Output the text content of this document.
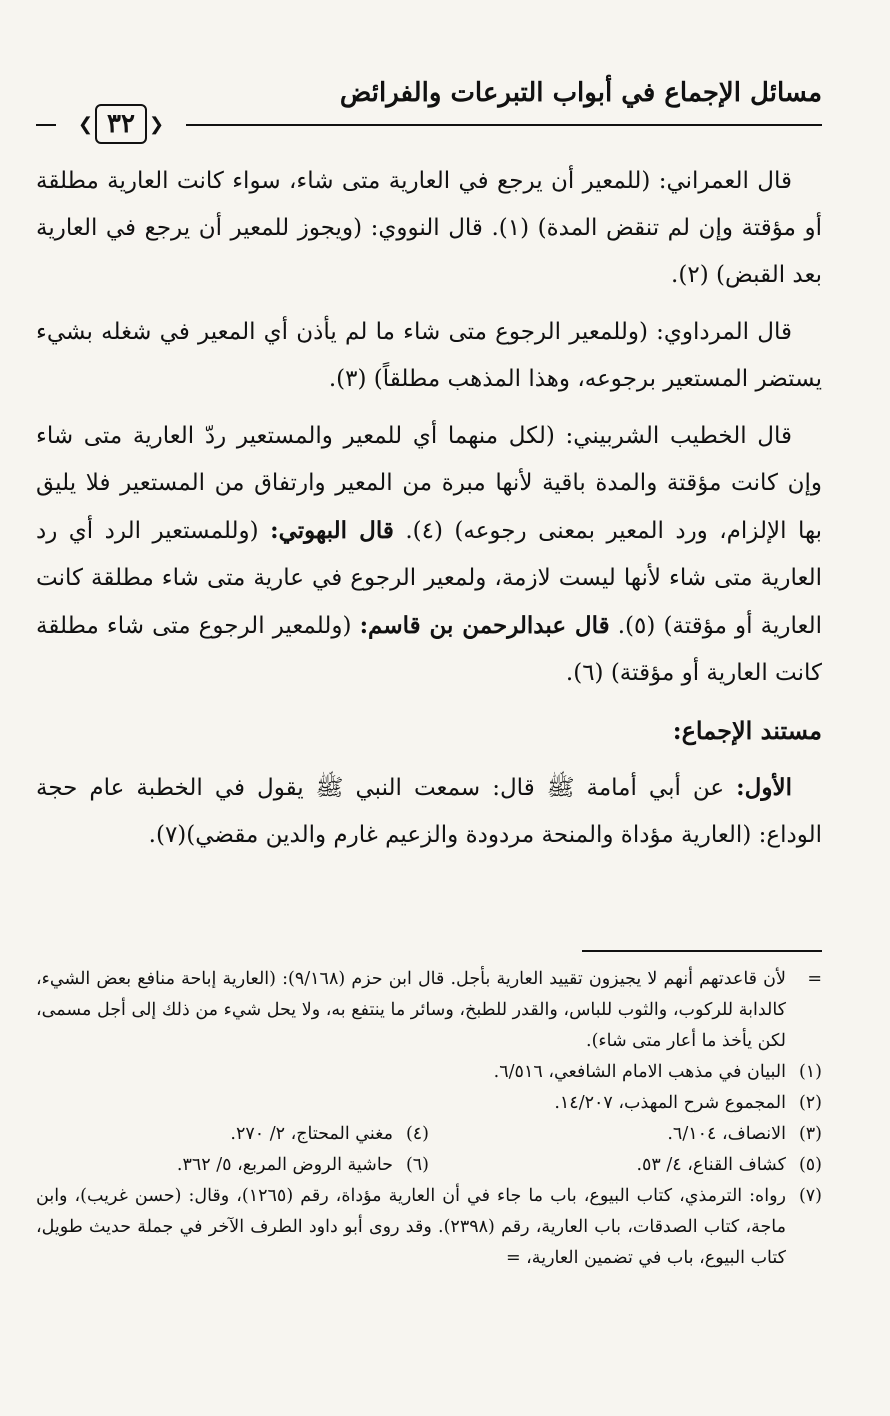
مسائل الإجماع في أبواب التبرعات والفرائض
❮
٣٢
❯

قال العمراني: (للمعير أن يرجع في العارية متى شاء، سواء كانت العارية مطلقة أو مؤقتة وإن لم تنقض المدة) (١). قال النووي: (ويجوز للمعير أن يرجع في العارية بعد القبض) (٢).

قال المرداوي: (وللمعير الرجوع متى شاء ما لم يأذن أي المعير في شغله بشيء يستضر المستعير برجوعه، وهذا المذهب مطلقاً) (٣).

قال الخطيب الشربيني: (لكل منهما أي للمعير والمستعير ردّ العارية متى شاء وإن كانت مؤقتة والمدة باقية لأنها مبرة من المعير وارتفاق من المستعير فلا يليق بها الإلزام، ورد المعير بمعنى رجوعه) (٤). قال البهوتي: (وللمستعير الرد أي رد العارية متى شاء لأنها ليست لازمة، ولمعير الرجوع في عارية متى شاء مطلقة كانت العارية أو مؤقتة) (٥). قال عبدالرحمن بن قاسم: (وللمعير الرجوع متى شاء مطلقة كانت العارية أو مؤقتة) (٦).

مستند الإجماع:

الأول: عن أبي أمامة ﷺ قال: سمعت النبي ﷺ يقول في الخطبة عام حجة الوداع: (العارية مؤداة والمنحة مردودة والزعيم غارم والدين مقضي)(٧).

=
لأن قاعدتهم أنهم لا يجيزون تقييد العارية بأجل. قال ابن حزم (٩/١٦٨): (العارية إباحة منافع بعض الشيء، كالدابة للركوب، والثوب للباس، والقدر للطبخ، وسائر ما ينتفع به، ولا يحل شيء من ذلك إلى أجل مسمى، لكن يأخذ ما أعار متى شاء).
(١)
البيان في مذهب الامام الشافعي، ٦/٥١٦.
(٢)
المجموع شرح المهذب، ١٤/٢٠٧.
(٣)
الانصاف، ٦/١٠٤.
(٤)
مغني المحتاج، ٢/ ٢٧٠.
(٥)
كشاف القناع، ٤/ ٥٣.
(٦)
حاشية الروض المربع، ٥/ ٣٦٢.
(٧)
رواه: الترمذي، كتاب البيوع، باب ما جاء في أن العارية مؤداة، رقم (١٢٦٥)، وقال: (حسن غريب)، وابن ماجة، كتاب الصدقات، باب العارية، رقم (٢٣٩٨). وقد روى أبو داود الطرف الآخر في جملة حديث طويل، كتاب البيوع، باب في تضمين العارية، =
